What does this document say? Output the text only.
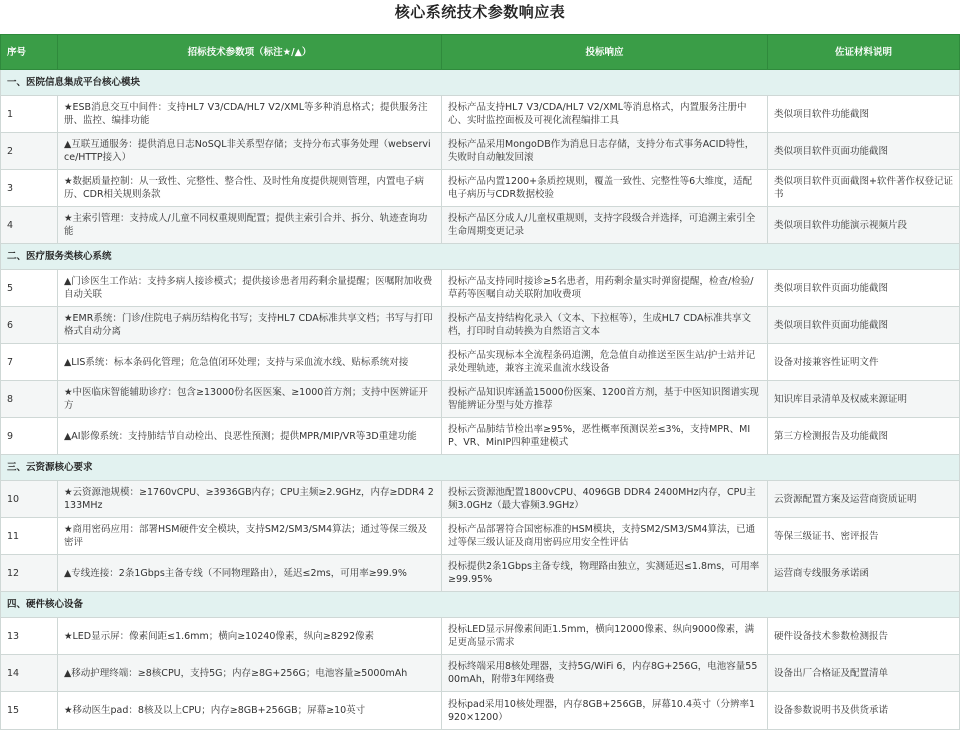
核心系统技术参数响应表
序号	招标技术参数项（标注★/▲）	投标响应	佐证材料说明
一、医院信息集成平台核心模块			
1	★ESB消息交互中间件：支持HL7 V3/CDA/HL7 V2/XML等多种消息格式；提供服务注册、监控、编排功能	投标产品支持HL7 V3/CDA/HL7 V2/XML等消息格式，内置服务注册中心、实时监控面板及可视化流程编排工具	类似项目软件功能截图
2	▲互联互通服务：提供消息日志NoSQL非关系型存储；支持分布式事务处理（webservice/HTTP接入）	投标产品采用MongoDB作为消息日志存储，支持分布式事务ACID特性，失败时自动触发回滚	类似项目软件页面功能截图
3	★数据质量控制：从一致性、完整性、整合性、及时性角度提供规则管理，内置电子病历、CDR相关规则条款	投标产品内置1200+条质控规则，覆盖一致性、完整性等6大维度，适配电子病历与CDR数据校验	类似项目软件页面截图+软件著作权登记证书
4	★主索引管理：支持成人/儿童不同权重规则配置；提供主索引合并、拆分、轨迹查询功能	投标产品区分成人/儿童权重规则，支持字段级合并选择，可追溯主索引全生命周期变更记录	类似项目软件功能演示视频片段
二、医疗服务类核心系统			
5	▲门诊医生工作站：支持多病人接诊模式；提供接诊患者用药剩余量提醒；医嘱附加收费自动关联	投标产品支持同时接诊≥5名患者，用药剩余量实时弹窗提醒，检查/检验/草药等医嘱自动关联附加收费项	类似项目软件页面功能截图
6	★EMR系统：门诊/住院电子病历结构化书写；支持HL7 CDA标准共享文档；书写与打印格式自动分离	投标产品支持结构化录入（文本、下拉框等），生成HL7 CDA标准共享文档，打印时自动转换为自然语言文本	类似项目软件页面功能截图
7	▲LIS系统：标本条码化管理；危急值闭环处理；支持与采血流水线、贴标系统对接	投标产品实现标本全流程条码追溯，危急值自动推送至医生站/护士站并记录处理轨迹，兼容主流采血流水线设备	设备对接兼容性证明文件
8	★中医临床智能辅助诊疗：包含≥13000份名医医案、≥1000首方剂；支持中医辨证开方	投标产品知识库涵盖15000份医案、1200首方剂，基于中医知识图谱实现智能辨证分型与处方推荐	知识库目录清单及权威来源证明
9	▲AI影像系统：支持肺结节自动检出、良恶性预测；提供MPR/MIP/VR等3D重建功能	投标产品肺结节检出率≥95%，恶性概率预测误差≤3%，支持MPR、MIP、VR、MinIP四种重建模式	第三方检测报告及功能截图
三、云资源核心要求			
10	★云资源池规模：≥1760vCPU、≥3936GB内存；CPU主频≥2.9GHz，内存≥DDR4 2133MHz	投标云资源池配置1800vCPU、4096GB DDR4 2400MHz内存，CPU主频3.0GHz（最大睿频3.9GHz）	云资源配置方案及运营商资质证明
11	★商用密码应用：部署HSM硬件安全模块，支持SM2/SM3/SM4算法；通过等保三级及密评	投标产品部署符合国密标准的HSM模块，支持SM2/SM3/SM4算法，已通过等保三级认证及商用密码应用安全性评估	等保三级证书、密评报告
12	▲专线连接：2条1Gbps主备专线（不同物理路由），延迟≤2ms，可用率≥99.9%	投标提供2条1Gbps主备专线，物理路由独立，实测延迟≤1.8ms，可用率≥99.95%	运营商专线服务承诺函
四、硬件核心设备			
13	★LED显示屏：像素间距≤1.6mm；横向≥10240像素，纵向≥8292像素	投标LED显示屏像素间距1.5mm，横向12000像素、纵向9000像素，满足更高显示需求	硬件设备技术参数检测报告
14	▲移动护理终端：≥8核CPU，支持5G；内存≥8G+256G；电池容量≥5000mAh	投标终端采用8核处理器，支持5G/WiFi 6，内存8G+256G，电池容量5500mAh，附带3年网络费	设备出厂合格证及配置清单
15	★移动医生pad：8核及以上CPU；内存≥8GB+256GB；屏幕≥10英寸	投标pad采用10核处理器，内存8GB+256GB，屏幕10.4英寸（分辨率1920×1200）	设备参数说明书及供货承诺
